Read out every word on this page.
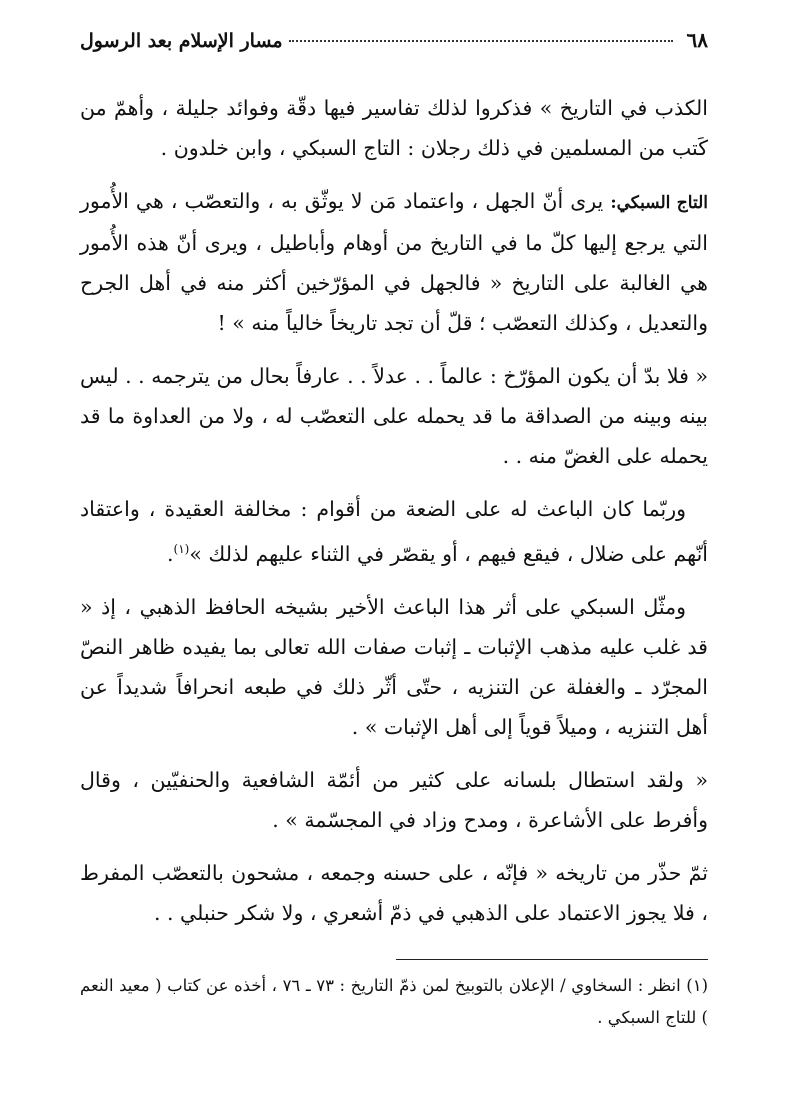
٦٨
مسار الإسلام بعد الرسول

الكذب في التاريخ » فذكروا لذلك تفاسير فيها دقّة وفوائد جليلة ، وأهمّ من كَتب من المسلمين في ذلك رجلان : التاج السبكي ، وابن خلدون .

التاج السبكي: يرى أنّ الجهل ، واعتماد مَن لا يوثّق به ، والتعصّب ، هي الأُمور التي يرجع إليها كلّ ما في التاريخ من أوهام وأباطيل ، ويرى أنّ هذه الأُمور هي الغالبة على التاريخ « فالجهل في المؤرّخين أكثر منه في أهل الجرح والتعديل ، وكذلك التعصّب ؛ قلّ أن تجد تاريخاً خالياً منه » !

« فلا بدّ أن يكون المؤرّخ : عالماً . . عدلاً . . عارفاً بحال من يترجمه . . ليس بينه وبينه من الصداقة ما قد يحمله على التعصّب له ، ولا من العداوة ما قد يحمله على الغضّ منه . .

وربّما كان الباعث له على الضعة من أقوام : مخالفة العقيدة ، واعتقاد أنّهم على ضلال ، فيقع فيهم ، أو يقصّر في الثناء عليهم لذلك »$^{(١)}$.

ومثّل السبكي على أثر هذا الباعث الأخير بشيخه الحافظ الذهبي ، إذ « قد غلب عليه مذهب الإثبات ـ إثبات صفات الله تعالى بما يفيده ظاهر النصّ المجرّد ـ والغفلة عن التنزيه ، حتّى أثّر ذلك في طبعه انحرافاً شديداً عن أهل التنزيه ، وميلاً قوياً إلى أهل الإثبات » .

« ولقد استطال بلسانه على كثير من أئمّة الشافعية والحنفيّين ، وقال وأفرط على الأشاعرة ، ومدح وزاد في المجسّمة » .

ثمّ حذّر من تاريخه « فإنّه ، على حسنه وجمعه ، مشحون بالتعصّب المفرط ، فلا يجوز الاعتماد على الذهبي في ذمّ أشعري ، ولا شكر حنبلي . .

(١) انظر : السخاوي / الإعلان بالتوبيخ لمن ذمّ التاريخ : ٧٣ ـ ٧٦ ، أخذه عن كتاب ( معيد النعم ) للتاج السبكي .
